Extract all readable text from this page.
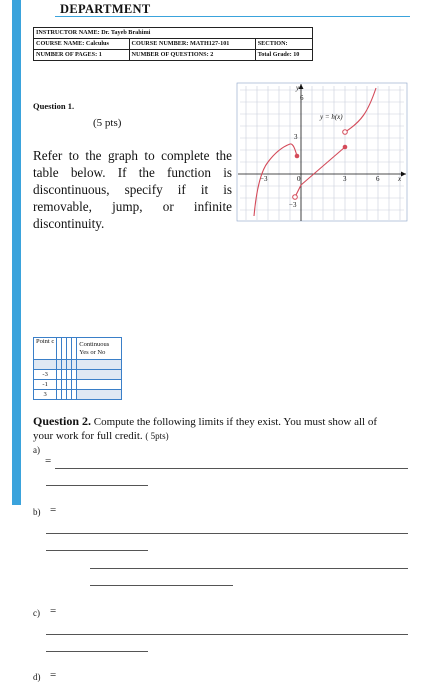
DEPARTMENT
INSTRUCTOR NAME: Dr. Tayeb Brahimi		
COURSE NAME: Calculus	COURSE NUMBER: MATH127-101	SECTION:
NUMBER OF PAGES: 1	NUMBER OF QUESTIONS: 2	Total Grade: 10
Question 1.
(5 pts)
Refer to the graph to complete the table below. If the function is discontinuous, specify if it is removable, jump, or infinite discontinuity.
y
x
y = h(x)
6
3
−3	0	3	6
−3
Point c					Continuous
Yes or No

-3					
-1					
3					
Question 2. Compute the following limits if they exist. You must show all of your work for full credit. ( 5pts)
a)
=
b) =
c) =
d) =
